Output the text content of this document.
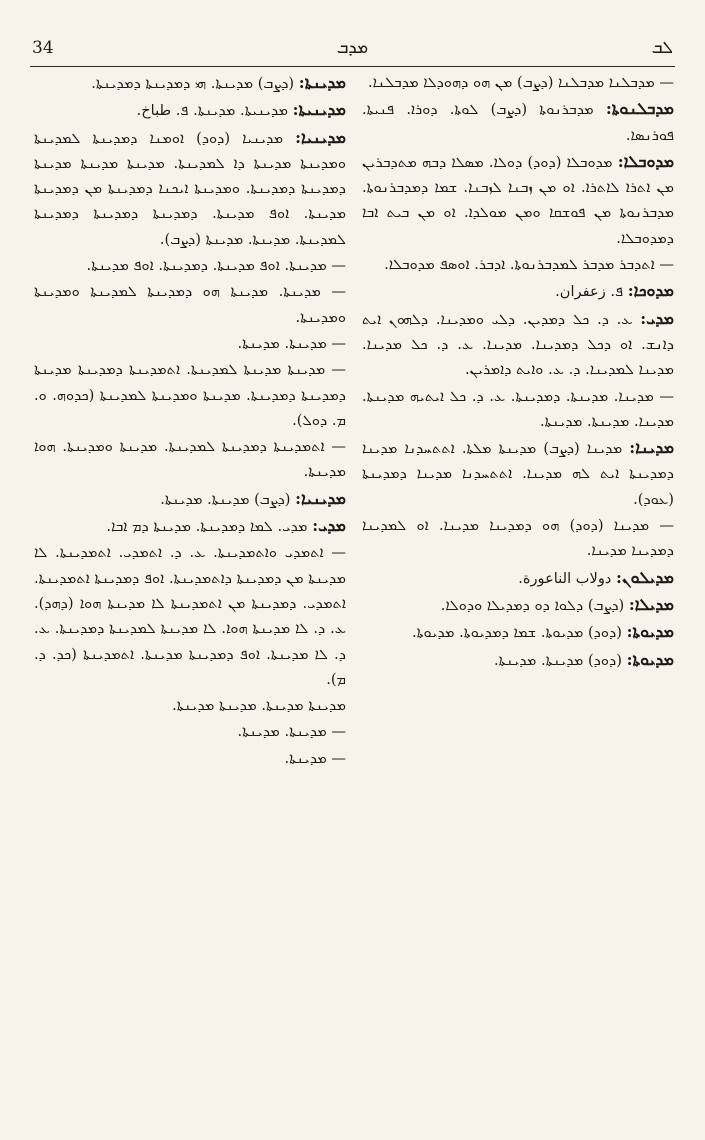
34	ܡܕܒ	ܠܒ
— ܡܕܒܠܢܐ ܡܕܒܠܢܐ (ܕܨܒ) ܡܢ ܗܘ ܕܗܘܕܠܐ ܡܕܒܠܢܐ.
ܡܕܒܠܢܘܬܐ: ܡܕܒܪܢܘܬܐ (ܕܨܒ) ܠܘܬܐ. ܕܘܪܐ. ܦܢܝܬܐ. ܦܘܪܢܣܐ.
ܡܕܘܒܠܐ: ܡܕܘܒܠܐ (ܕܘܕ) ܕܘܠܐ. ܡܣܠܐ ܕܒܗ ܡܬܕܒܪܝܢ ܡܢ ܐܬܪܐ ܠܐܬܪܐ. ܐܘ ܡܢ ܙܒܢܐ ܠܙܒܢܐ. ܫܡܐ ܕܡܕܒܪܢܘܬܐ. ܡܕܒܪܢܘܬܐ ܡܢ ܦܘܫܩܐ ܘܡܢ ܡܘܠܕܐ. ܐܘ ܡܢ ܒܝܬ ܐܒܐ ܕܡܕܘܒܠܐ.
— ܐܬܕܒܪ ܡܕܒܪ ܠܡܕܒܪܢܘܬܐ. ܐܕܒܪ. ܐܘܣܦ ܡܕܘܒܠܐ.
ܡܕܘܟܐ: ܦ. زعفران.
ܡܕܝ: ܥ. ܕ. ܟܠ ܕܡܕܝܢ. ܕܠܝ ܘܡܕܝܢܐ. ܕܠܗܘܢ ܐܝܬ ܕܐܢܫ. ܐܘ ܕܟܠ ܕܡܕܝܢܐ. ܡܕܝܢܐ. ܥ. ܕ. ܟܠ ܡܕܝܢܐ. ܡܕܝܢܐ ܠܡܕܝܢܐ. ܕ. ܥ. ܘܐܝܬ ܕܐܡܪܝܢ.
— ܡܕܝܢܐ. ܡܕܝܢܬܐ. ܕܡܕܝܢܬܐ. ܥ. ܕ. ܟܠ ܐܝܬܝܗ ܡܕܝܢܬܐ. ܡܕܝܢܐ. ܡܕܝܢܬܐ. ܡܕܝܢܬܐ.
ܡܕܝܢܐ: ܡܕܝܢܐ (ܕܨܒ) ܡܕܝܢܬܐ ܡܠܬܐ. ܐܬܬܚܕܢܐ ܡܕܝܢܐ ܕܡܕܝܢܬܐ ܐܝܬ ܠܗ ܡܕܝܢܐ. ܐܬܬܚܕܢܐ ܡܕܝܢܐ ܕܡܕܝܢܬܐ (ܥܘܕ).
— ܡܕܝܢܐ (ܕܘܕ) ܗܘ ܕܡܕܝܢܐ ܡܕܝܢܐ. ܐܘ ܠܡܕܝܢܐ ܕܡܕܝܢܐ ܡܕܝܢܐ.
ܡܕܝܠܘܢ: دولاب الناعورة.
ܡܕܝܠܐ: (ܕܨܒ) ܕܠܘܐ ܕܘ ܕܡܕܝܠܐ ܘܕܘܠܐ.
ܡܕܝܘܬܐ: (ܕܘܕ) ܡܕܝܘܬܐ. ܫܡܐ ܕܡܕܝܘܬܐ. ܡܕܝܘܬܐ.
ܡܕܝܘܬܐ: (ܕܘܕ) ܡܕܝܢܬܐ. ܡܕܝܢܬܐ.
ܡܕܝܢܬܐ: (ܕܨܒ) ܡܕܝܢܬܐ. ܗܝ ܕܡܕܝܢܬܐ ܕܡܕܝܢܬܐ.
ܡܕܝܢܝܬܐ: ܡܕܝܢܝܬܐ. ܡܕܝܢܬܐ. ܦ. طباخ.
ܡܕܝܢܝܐ: ܡܕܝܢܝܐ (ܕܘܕ) ܐܘܡܢܐ ܕܡܕܝܢܬܐ ܠܡܕܝܢܬܐ ܘܡܕܝܢܬܐ ܡܕܝܢܬܐ ܕܐ ܠܡܕܝܢܬܐ. ܡܕܝܢܬܐ ܡܕܝܢܬܐ ܡܕܝܢܬܐ ܕܡܕܝܢܬܐ ܕܡܕܝܢܬܐ. ܘܡܕܝܢܬܐ ܐܝܟܢܐ ܕܡܕܝܢܬܐ ܡܢ ܕܡܕܝܢܬܐ ܡܕܝܢܬܐ. ܐܘܦ ܡܕܝܢܬܐ. ܕܡܕܝܢܬܐ ܕܡܕܝܢܬܐ ܕܡܕܝܢܬܐ ܠܡܕܝܢܬܐ. ܡܕܝܢܬܐ. ܡܕܝܢܬܐ (ܕܨܒ).
— ܡܕܝܢܬܐ. ܐܘܦ ܡܕܝܢܬܐ. ܕܡܕܝܢܬܐ. ܐܘܦ ܡܕܝܢܬܐ.
— ܡܕܝܢܬܐ. ܡܕܝܢܬܐ ܗܘ ܕܡܕܝܢܬܐ ܠܡܕܝܢܬܐ ܘܡܕܝܢܬܐ ܘܡܕܝܢܬܐ.
— ܡܕܝܢܬܐ. ܡܕܝܢܬܐ.
— ܡܕܝܢܬܐ ܡܕܝܢܬܐ ܠܡܕܝܢܬܐ. ܐܬܡܕܝܢܬܐ ܕܡܕܝܢܬܐ ܡܕܝܢܬܐ ܕܡܕܝܢܬܐ ܕܡܕܝܢܬܐ. ܡܕܝܢܬܐ ܘܡܕܝܢܬܐ ܠܡܕܝܢܬܐ (ܟܕܘܗ. ܘ. ܡ. ܕܘܠ).
— ܐܬܡܕܝܢܬܐ ܕܡܕܝܢܬܐ ܠܡܕܝܢܬܐ. ܡܕܝܢܬܐ ܘܡܕܝܢܬܐ. ܗܘܐ ܡܕܝܢܬܐ.
ܡܕܝܢܝܐ: (ܕܨܒ) ܡܕܝܢܬܐ. ܡܕܝܢܬܐ.
ܡܕܝ: ܡܕܝ. ܠܡܐ ܕܡܕܝܢܬܐ. ܡܕܝܢܬܐ ܕܡ ܐܒܐ.
— ܐܬܡܕܝ ܘܐܬܡܕܝܢܬܐ. ܥ. ܕ. ܐܬܡܕܝ. ܐܬܡܕܝܢܬܐ. ܠܐ ܡܕܝܢܬܐ ܡܢ ܕܡܕܝܢܬܐ ܕܐܬܡܕܝܢܬܐ. ܐܘܦ ܕܡܕܝܢܬܐ ܐܬܡܕܝܢܬܐ. ܐܬܡܕܝ. ܕܡܕܝܢܬܐ ܡܢ ܐܬܡܕܝܢܬܐ ܠܐ ܡܕܝܢܬܐ ܗܘܐ (ܕܗܕ). ܥ. ܕ. ܠܐ ܡܕܝܢܬܐ ܗܘܐ. ܠܐ ܡܕܝܢܬܐ ܠܡܕܝܢܬܐ ܕܡܕܝܢܬܐ. ܥ. ܕ. ܠܐ ܡܕܝܢܬܐ. ܐܘܦ ܕܡܕܝܢܬܐ ܡܕܝܢܬܐ. ܐܬܡܕܝܢܬܐ (ܟܕ. ܕ. ܡ).
ܡܕܝܢܬܐ ܡܕܝܢܬܐ. ܡܕܝܢܬܐ ܡܕܝܢܬܐ.
— ܡܕܝܢܬܐ. ܡܕܝܢܬܐ.
— ܡܕܝܢܬܐ.
